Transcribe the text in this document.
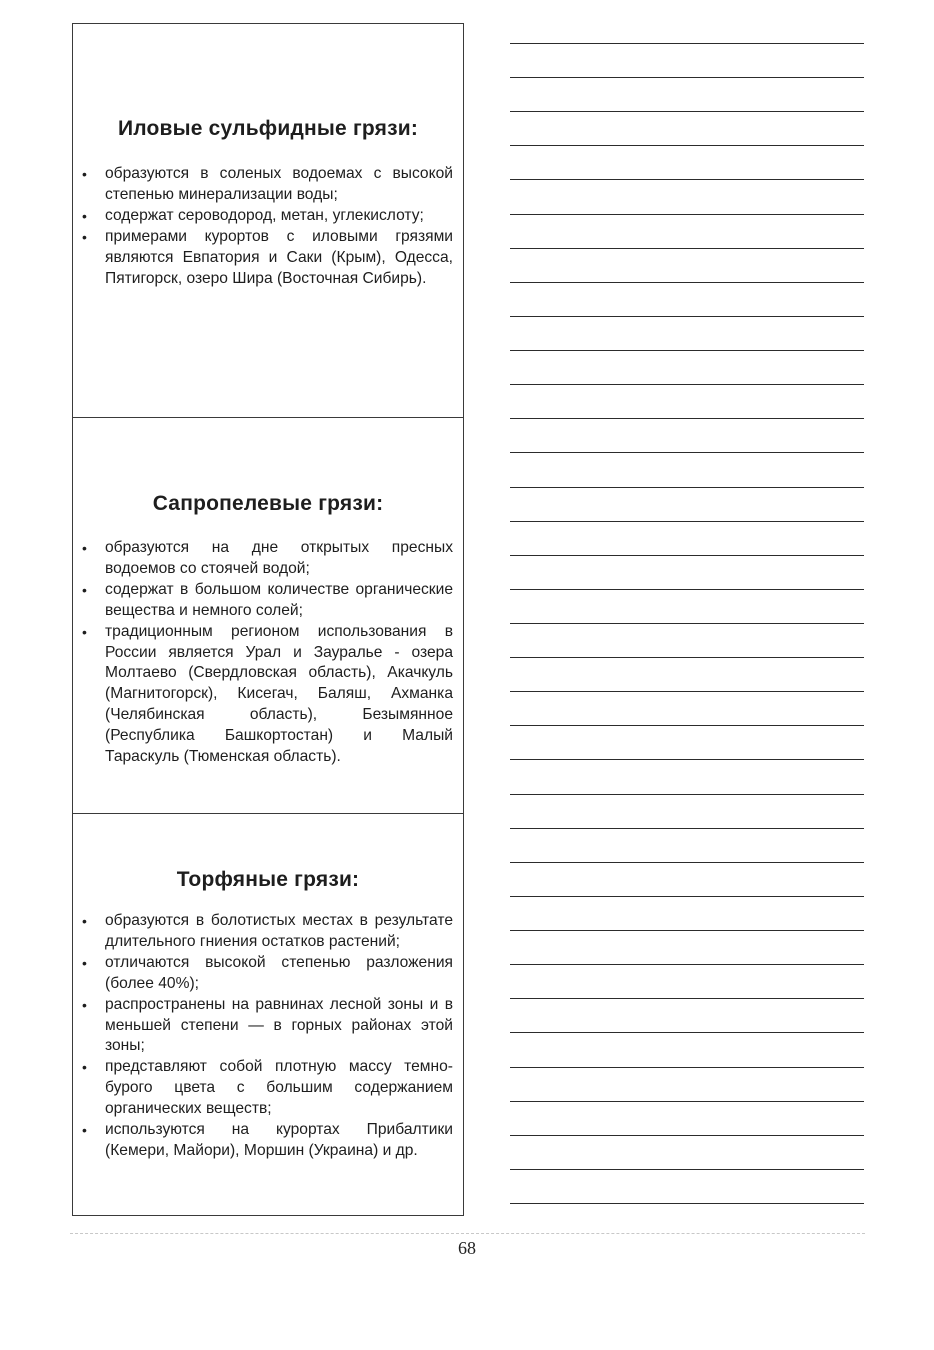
Иловые сульфидные грязи:
• образуются в соленых водоемах с высокой степенью минерализации воды;
• содержат сероводород, метан, углекислоту;
• примерами курортов с иловыми грязями являются Евпатория и Саки (Крым), Одесса, Пятигорск, озеро Шира (Восточная Сибирь).
Сапропелевые грязи:
• образуются на дне открытых пресных водоемов со стоячей водой;
• содержат в большом количестве органические вещества и немного солей;
• традиционным регионом использования в России является Урал и Зауралье - озера Молтаево (Свердловская область), Акачкуль (Магнитогорск), Кисегач, Баляш, Ахманка (Челябинская область), Безымянное (Республика Башкортостан) и Малый Тараскуль (Тюменская область).
Торфяные грязи:
• образуются в болотистых местах в результате длительного гниения остатков растений;
• отличаются высокой степенью разложения (более 40%);
• распространены на равнинах лесной зоны и в меньшей степени — в горных районах этой зоны;
• представляют собой плотную массу темно-бурого цвета с большим содержанием органических веществ;
• используются на курортах Прибалтики (Кемери, Майори), Моршин (Украина) и др.
68
